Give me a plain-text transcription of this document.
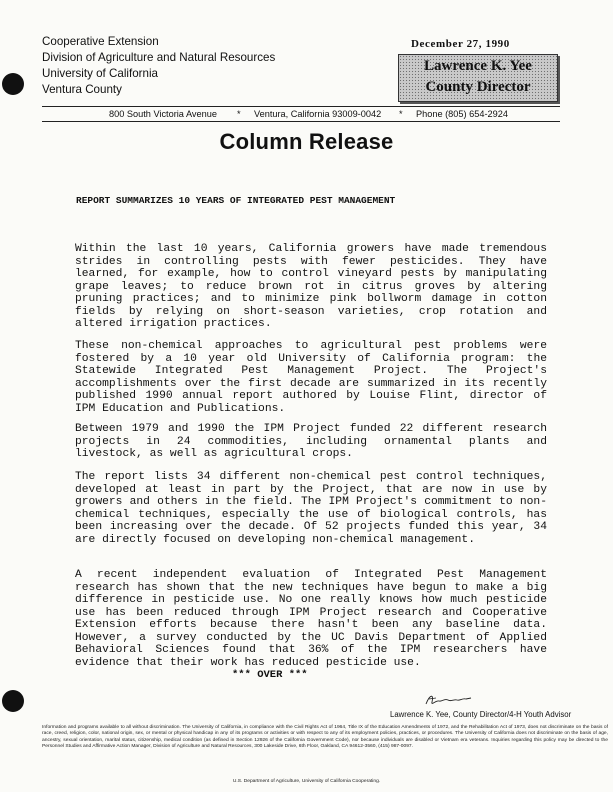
Cooperative Extension
Division of Agriculture and Natural Resources
University of California
Ventura County
December 27, 1990
Lawrence K. Yee
County Director
800 South Victoria Avenue * Ventura, California 93009-0042 * Phone (805) 654-2924
Column Release
REPORT SUMMARIZES 10 YEARS OF INTEGRATED PEST MANAGEMENT

Within the last 10 years, California growers have made tremendous strides in controlling pests with fewer pesticides. They have learned, for example, how to control vineyard pests by manipulating grape leaves; to reduce brown rot in citrus groves by altering pruning practices; and to minimize pink bollworm damage in cotton fields by relying on short-season varieties, crop rotation and altered irrigation practices.

These non-chemical approaches to agricultural pest problems were fostered by a 10 year old University of California program: the Statewide Integrated Pest Management Project. The Project's accomplishments over the first decade are summarized in its recently published 1990 annual report authored by Louise Flint, director of IPM Education and Publications.

Between 1979 and 1990 the IPM Project funded 22 different research projects in 24 commodities, including ornamental plants and livestock, as well as agricultural crops.

The report lists 34 different non-chemical pest control techniques, developed at least in part by the Project, that are now in use by growers and others in the field. The IPM Project's commitment to non-chemical techniques, especially the use of biological controls, has been increasing over the decade. Of 52 projects funded this year, 34 are directly focused on developing non-chemical management.

A recent independent evaluation of Integrated Pest Management research has shown that the new techniques have begun to make a big difference in pesticide use. No one really knows how much pesticide use has been reduced through IPM Project research and Cooperative Extension efforts because there hasn't been any baseline data. However, a survey conducted by the UC Davis Department of Applied Behavioral Sciences found that 36% of the IPM researchers have evidence that their work has reduced pesticide use.

*** OVER ***
Lawrence K. Yee, County Director/4-H Youth Advisor
Information and programs available to all without discrimination. The University of California, in compliance with the Civil Rights Act of 1964, Title IX of the Education Amendments of 1972, and the Rehabilitation Act of 1973, does not discriminate on the basis of race, creed, religion, color, national origin, sex, or mental or physical handicap in any of its programs or activities or with respect to any of its employment policies, practices, or procedures. The University of California does not discriminate on the basis of age, ancestry, sexual orientation, marital status, citizenship, medical condition (as defined in Section 12926 of the California Government Code), nor because individuals are disabled or Vietnam era veterans. Inquiries regarding this policy may be directed to the Personnel Studies and Affirmative Action Manager, Division of Agriculture and Natural Resources, 300 Lakeside Drive, 6th Floor, Oakland, CA 94612-3560, (415) 987-0097.
U.S. Department of Agriculture, University of California Cooperating.
